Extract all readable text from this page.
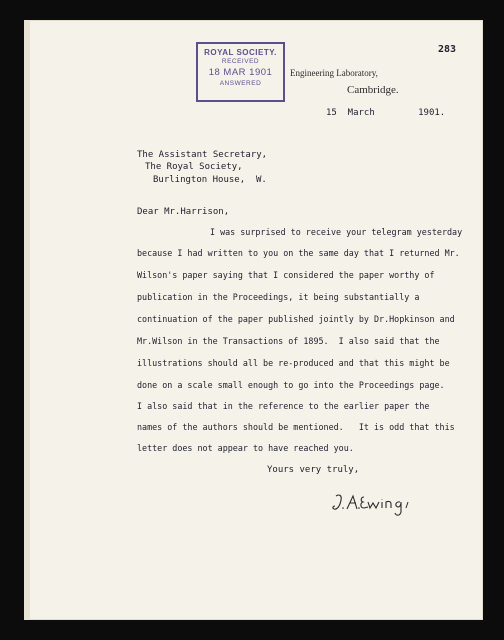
ROYAL SOCIETY.
RECEIVED
18 MAR 1901
ANSWERED
283
Engineering Laboratory,
Cambridge.
15  March        1901.
The Assistant Secretary,
The Royal Society,
Burlington House,  W.
Dear Mr.Harrison,
I was surprised to receive your telegram yesterday
because I had written to you on the same day that I returned Mr.
Wilson's paper saying that I considered the paper worthy of
publication in the Proceedings, it being substantially a
continuation of the paper published jointly by Dr.Hopkinson and
Mr.Wilson in the Transactions of 1895.  I also said that the
illustrations should all be re-produced and that this might be
done on a scale small enough to go into the Proceedings page.
I also said that in the reference to the earlier paper the
names of the authors should be mentioned.   It is odd that this
letter does not appear to have reached you.
Yours very truly,
